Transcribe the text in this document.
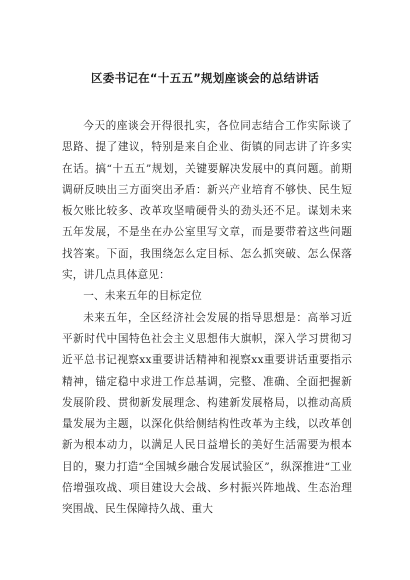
区委书记在“十五五”规划座谈会的总结讲话

今天的座谈会开得很扎实，各位同志结合工作实际谈了思路、提了建议，特别是来自企业、街镇的同志讲了许多实在话。搞“十五五”规划，关键要解决发展中的真问题。前期调研反映出三方面突出矛盾：新兴产业培育不够快、民生短板欠账比较多、改革攻坚啃硬骨头的劲头还不足。谋划未来五年发展，不是坐在办公室里写文章，而是要带着这些问题找答案。下面，我围绕怎么定目标、怎么抓突破、怎么保落实，讲几点具体意见：

一、未来五年的目标定位

未来五年，全区经济社会发展的指导思想是：高举习近平新时代中国特色社会主义思想伟大旗帜，深入学习贯彻习近平总书记视察xx重要讲话精神和视察xx重要讲话重要指示精神，锚定稳中求进工作总基调，完整、准确、全面把握新发展阶段、贯彻新发展理念、构建新发展格局，以推动高质量发展为主题，以深化供给侧结构性改革为主线，以改革创新为根本动力，以满足人民日益增长的美好生活需要为根本目的，聚力打造“全国城乡融合发展试验区”，纵深推进“工业倍增强攻战、项目建设大会战、乡村振兴阵地战、生态治理突围战、民生保障持久战、重大
